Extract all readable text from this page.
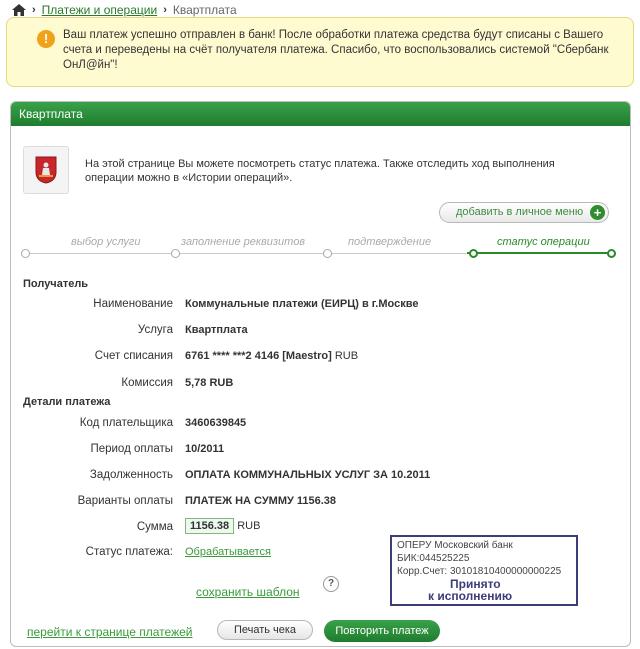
› Платежи и операции › Квартплата
!	Ваш платеж успешно отправлен в банк! После обработки платежа средства будут списаны с Вашего счета и переведены на счёт получателя платежа. Спасибо, что воспользовались системой "Сбербанк ОнЛ@йн"!
Квартплата
На этой странице Вы можете посмотреть статус платежа. Также отследить ход выполнения операции можно в «Истории операций».
добавить в личное меню +
выбор услуги	заполнение реквизитов	подтверждение	статус операции
Получатель
Наименование Коммунальные платежи (ЕИРЦ) в г.Москве
Услуга Квартплата
Счет списания 6761 **** ***2 4146 [Maestro] RUB
Комиссия 5,78 RUB
Детали платежа
Код плательщика 3460639845
Период оплаты 10/2011
Задолженность ОПЛАТА КОММУНАЛЬНЫХ УСЛУГ ЗА 10.2011
Варианты оплаты ПЛАТЕЖ НА СУММУ 1156.38
Сумма	1156.38 RUB
Статус платежа: Обрабатывается
сохранить шаблон
?
ОПЕРУ Московский банк
БИК:044525225
Корр.Счет: 30101810400000000225
Принято
к исполнению
перейти к странице платежей	Печать чека	Повторить платеж
